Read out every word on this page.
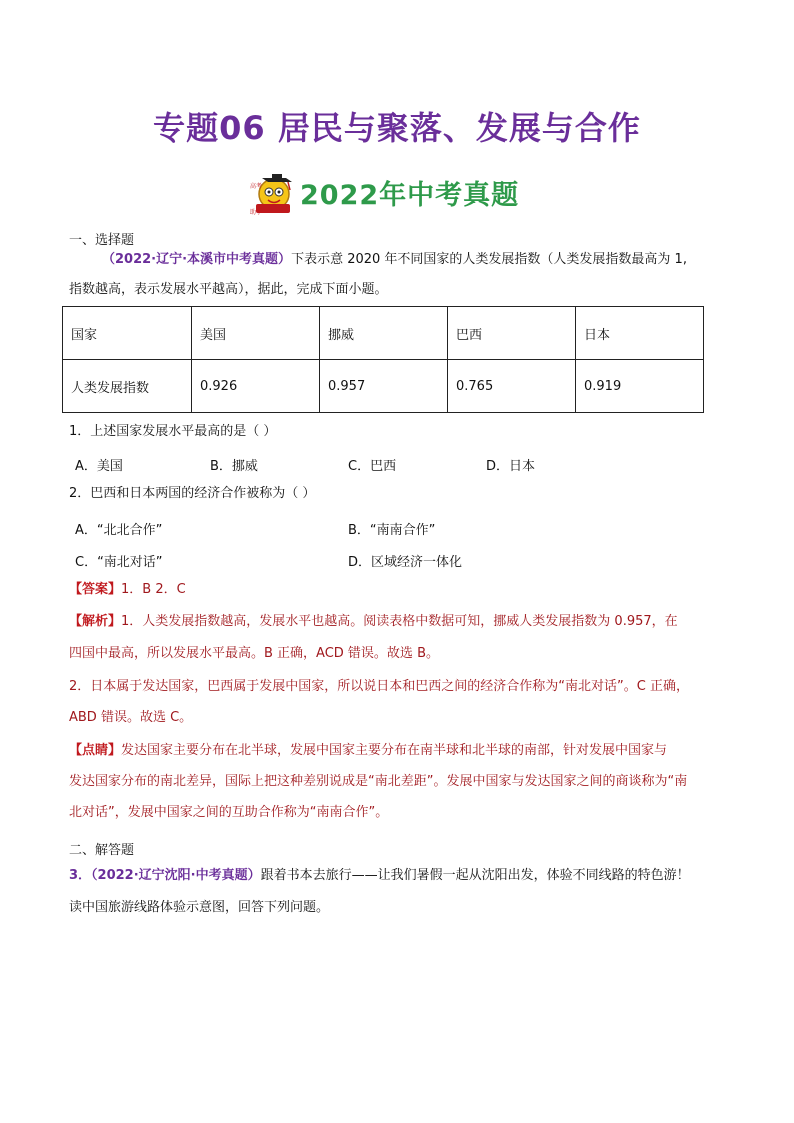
专题06 居民与聚落、发展与合作
高考
助手
2022年中考真题
一、选择题
（2022·辽宁·本溪市中考真题）下表示意 2020 年不同国家的人类发展指数（人类发展指数最高为 1,
指数越高，表示发展水平越高），据此，完成下面小题。
国家	美国	挪威	巴西	日本
人类发展指数	0.926	0.957	0.765	0.919
1．上述国家发展水平最高的是（ ）
A．美国	B．挪威	C．巴西	D．日本
2．巴西和日本两国的经济合作被称为（ ）
A．“北北合作”	B．“南南合作”
C．“南北对话”	D．区域经济一体化
【答案】1．B 2．C
【解析】1．人类发展指数越高，发展水平也越高。阅读表格中数据可知，挪威人类发展指数为 0.957，在
四国中最高，所以发展水平最高。B 正确，ACD 错误。故选 B。
2．日本属于发达国家，巴西属于发展中国家，所以说日本和巴西之间的经济合作称为“南北对话”。C 正确，
ABD 错误。故选 C。
【点睛】发达国家主要分布在北半球，发展中国家主要分布在南半球和北半球的南部，针对发展中国家与
发达国家分布的南北差异，国际上把这种差别说成是“南北差距”。发展中国家与发达国家之间的商谈称为“南
北对话”，发展中国家之间的互助合作称为“南南合作”。
二、解答题
3．（2022·辽宁沈阳·中考真题）跟着书本去旅行——让我们暑假一起从沈阳出发，体验不同线路的特色游！
读中国旅游线路体验示意图，回答下列问题。
